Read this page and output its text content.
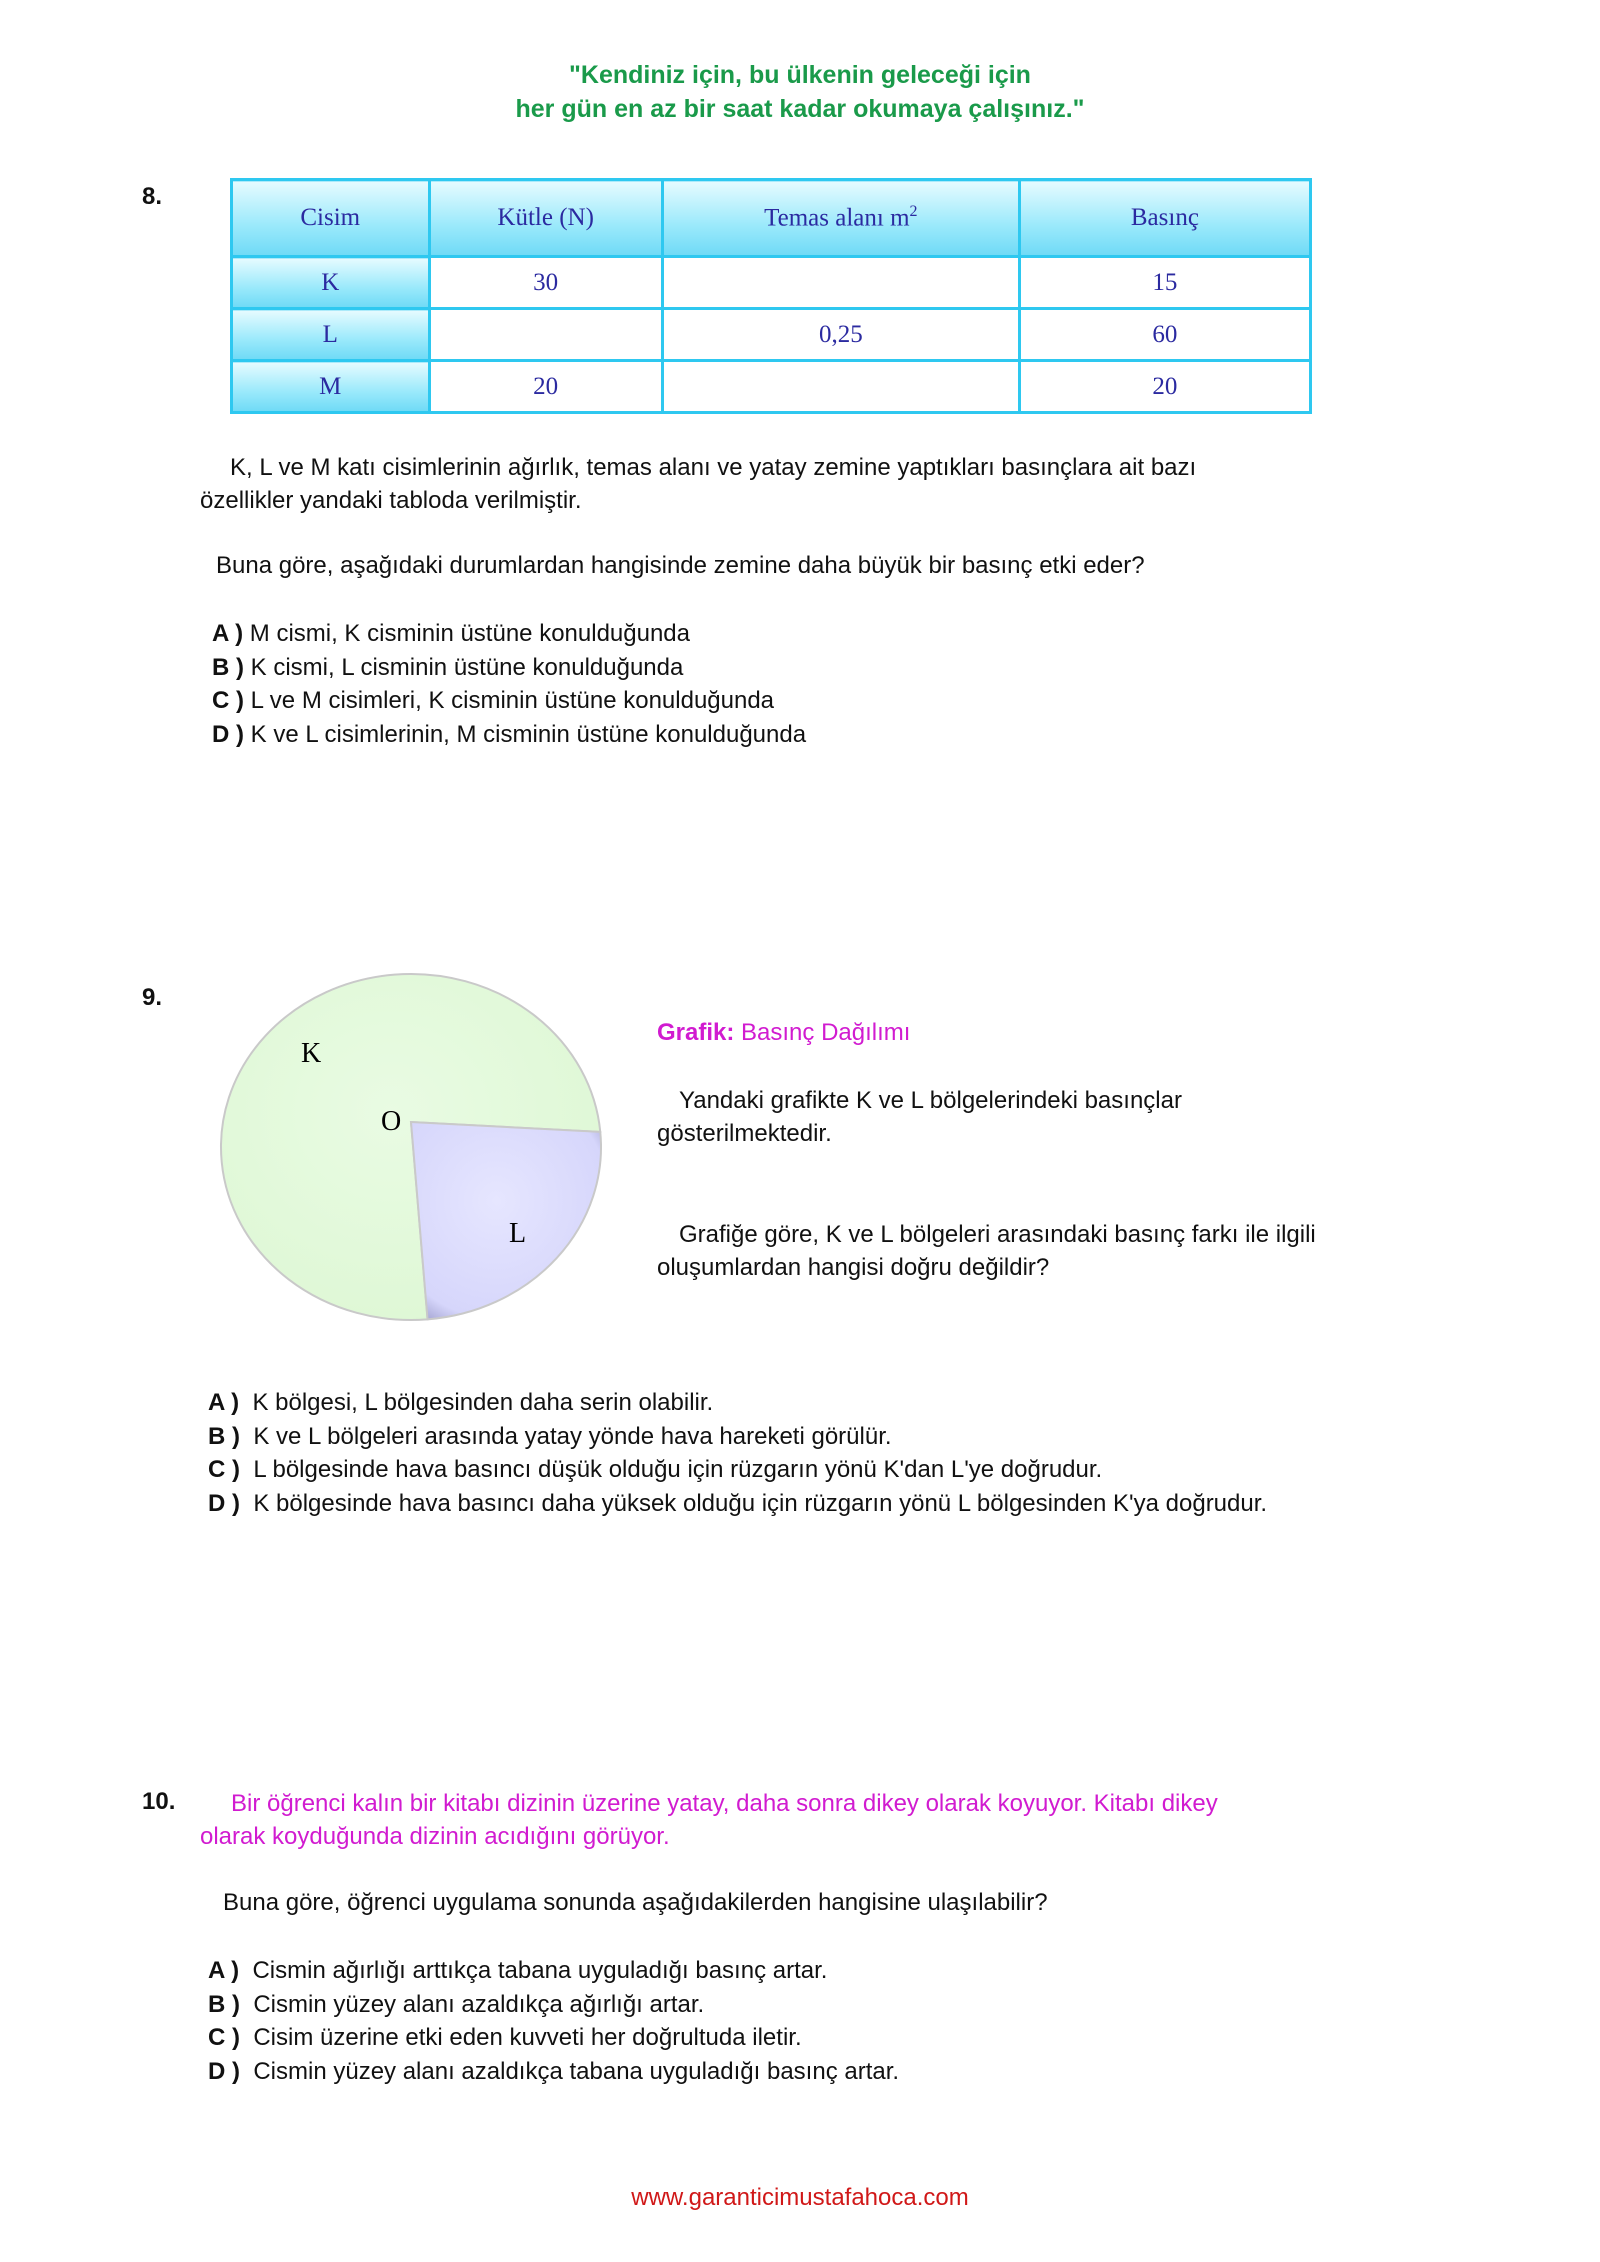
"Kendiniz için, bu ülkenin geleceği için
her gün en az bir saat kadar okumaya çalışınız."
8.
Cisim	Kütle (N)	Temas alanı $m^2$	Basınç
K	30		15
L		0,25	60
M	20		20
K, L ve M katı cisimlerinin ağırlık, temas alanı ve yatay zemine yaptıkları basınçlara ait bazı
özellikler yandaki tabloda verilmiştir.
Buna göre, aşağıdaki durumlardan hangisinde zemine daha büyük bir basınç etki eder?
A ) M cismi, K cisminin üstüne konulduğunda
B ) K cismi, L cisminin üstüne konulduğunda
C ) L ve M cisimleri, K cisminin üstüne konulduğunda
D ) K ve L cisimlerinin, M cisminin üstüne konulduğunda
9.
K
O
L
Grafik: Basınç Dağılımı
Yandaki grafikte K ve L bölgelerindeki basınçlar
gösterilmektedir.
Grafiğe göre, K ve L bölgeleri arasındaki basınç farkı ile ilgili
oluşumlardan hangisi doğru değildir?
A ) K bölgesi, L bölgesinden daha serin olabilir.
B ) K ve L bölgeleri arasında yatay yönde hava hareketi görülür.
C ) L bölgesinde hava basıncı düşük olduğu için rüzgarın yönü K'dan L'ye doğrudur.
D ) K bölgesinde hava basıncı daha yüksek olduğu için rüzgarın yönü L bölgesinden K'ya doğrudur.
10. Bir öğrenci kalın bir kitabı dizinin üzerine yatay, daha sonra dikey olarak koyuyor. Kitabı dikey
olarak koyduğunda dizinin acıdığını görüyor.
Buna göre, öğrenci uygulama sonunda aşağıdakilerden hangisine ulaşılabilir?
A ) Cismin ağırlığı arttıkça tabana uyguladığı basınç artar.
B ) Cismin yüzey alanı azaldıkça ağırlığı artar.
C ) Cisim üzerine etki eden kuvveti her doğrultuda iletir.
D ) Cismin yüzey alanı azaldıkça tabana uyguladığı basınç artar.
www.garanticimustafahoca.com
